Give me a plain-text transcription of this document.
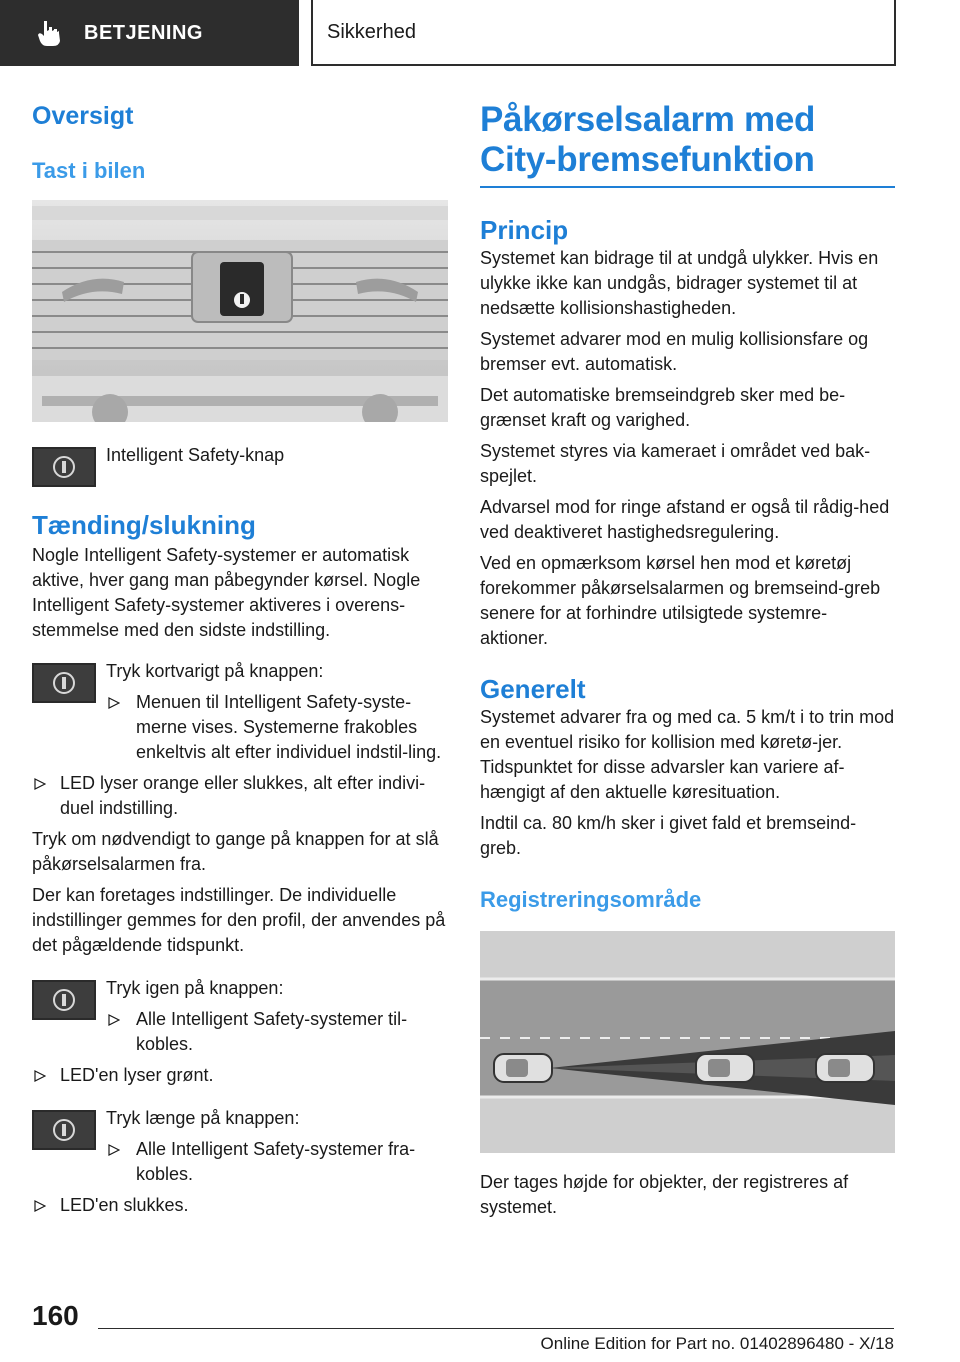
BETJENING	Sikkerhed
Oversigt
Tast i bilen

Intelligent Safety-knap

Tænding/slukning

Nogle Intelligent Safety-systemer er automatisk aktive, hver gang man påbegynder kørsel. Nogle Intelligent Safety-systemer aktiveres i overens-stemmelse med den sidste indstilling.

Tryk kortvarigt på knappen:

Menuen til Intelligent Safety-syste-merne vises. Systemerne frakobles enkeltvis alt efter individuel indstil-ling.
LED lyser orange eller slukkes, alt efter indivi-duel indstilling.

Tryk om nødvendigt to gange på knappen for at slå påkørselsalarmen fra.

Der kan foretages indstillinger. De individuelle indstillinger gemmes for den profil, der anvendes på det pågældende tidspunkt.

Tryk igen på knappen:

Alle Intelligent Safety-systemer til-kobles.
LED'en lyser grønt.

Tryk længe på knappen:

Alle Intelligent Safety-systemer fra-kobles.
LED'en slukkes.
Påkørselsalarm med City-bremsefunktion
Princip

Systemet kan bidrage til at undgå ulykker. Hvis en ulykke ikke kan undgås, bidrager systemet til at nedsætte kollisionshastigheden.

Systemet advarer mod en mulig kollisionsfare og bremser evt. automatisk.

Det automatiske bremseindgreb sker med be-grænset kraft og varighed.

Systemet styres via kameraet i området ved bak-spejlet.

Advarsel mod for ringe afstand er også til rådig-hed ved deaktiveret hastighedsregulering.

Ved en opmærksom kørsel hen mod et køretøj forekommer påkørselsalarmen og bremseind-greb senere for at forhindre utilsigtede systemre-aktioner.

Generelt

Systemet advarer fra og med ca. 5 km/t i to trin mod en eventuel risiko for kollision med køretø-jer. Tidspunktet for disse advarsler kan variere af-hængigt af den aktuelle køresituation.

Indtil ca. 80 km/h sker i givet fald et bremseind-greb.

Registreringsområde

Der tages højde for objekter, der registreres af systemet.

160
Online Edition for Part no. 01402896480 - X/18
